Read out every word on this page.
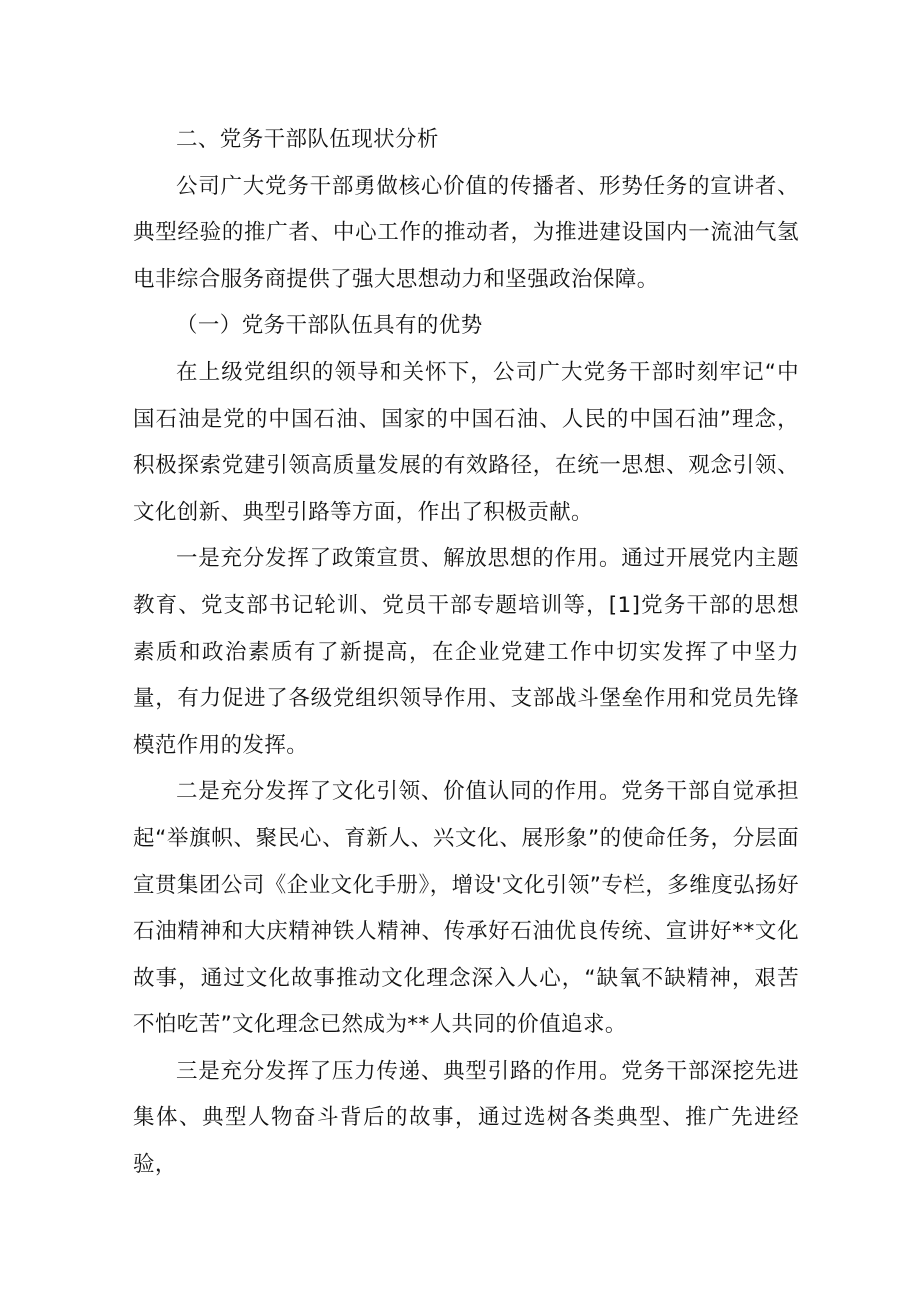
二、党务干部队伍现状分析

公司广大党务干部勇做核心价值的传播者、形势任务的宣讲者、典型经验的推广者、中心工作的推动者，为推进建设国内一流油气氢电非综合服务商提供了强大思想动力和坚强政治保障。

（一）党务干部队伍具有的优势

在上级党组织的领导和关怀下，公司广大党务干部时刻牢记“中国石油是党的中国石油、国家的中国石油、人民的中国石油”理念，积极探索党建引领高质量发展的有效路径，在统一思想、观念引领、文化创新、典型引路等方面，作出了积极贡献。

一是充分发挥了政策宣贯、解放思想的作用。通过开展党内主题教育、党支部书记轮训、党员干部专题培训等，[1]党务干部的思想素质和政治素质有了新提高，在企业党建工作中切实发挥了中坚力量，有力促进了各级党组织领导作用、支部战斗堡垒作用和党员先锋模范作用的发挥。

二是充分发挥了文化引领、价值认同的作用。党务干部自觉承担起“举旗帜、聚民心、育新人、兴文化、展形象”的使命任务，分层面宣贯集团公司《企业文化手册》，增设'文化引领”专栏，多维度弘扬好石油精神和大庆精神铁人精神、传承好石油优良传统、宣讲好**文化故事，通过文化故事推动文化理念深入人心，“缺氧不缺精神，艰苦不怕吃苦”文化理念已然成为**人共同的价值追求。

三是充分发挥了压力传递、典型引路的作用。党务干部深挖先进集体、典型人物奋斗背后的故事，通过选树各类典型、推广先进经验，
